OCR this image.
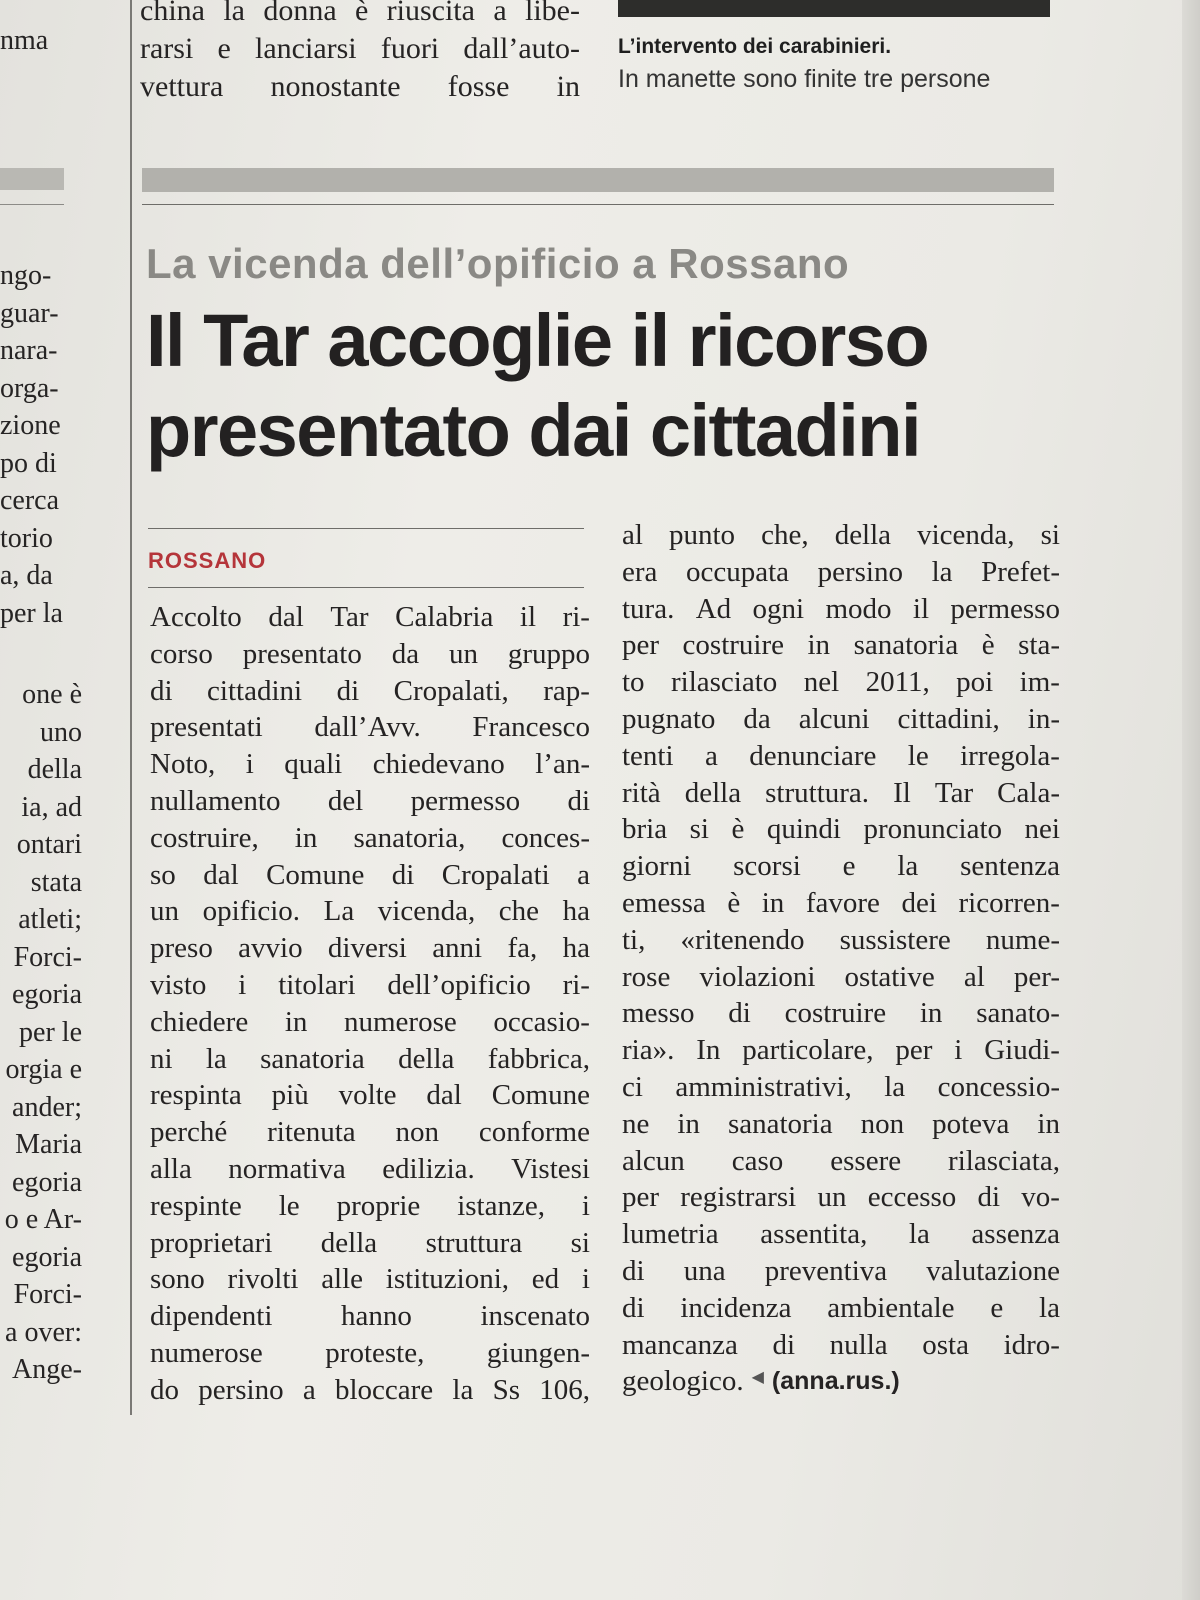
nma
ngo-
guar-
nara-
orga-
zione
po di
cerca
torio
a, da
per la
one è
uno
della
ia, ad
ontari
stata
atleti;
Forci-
egoria
per le
orgia e
ander;
Maria
egoria
o e Ar-
egoria
Forci-
a over:
Ange-
china la donna è riuscita a libe-
rarsi e lanciarsi fuori dall’auto-
vettura nonostante fosse in
L’intervento dei carabinieri.
In manette sono finite tre persone
La vicenda dell’opificio a Rossano
Il Tar accoglie il ricorso
presentato dai cittadini
ROSSANO
Accolto dal Tar Calabria il ri-
corso presentato da un gruppo
di cittadini di Cropalati, rap-
presentati dall’Avv. Francesco
Noto, i quali chiedevano l’an-
nullamento del permesso di
costruire, in sanatoria, conces-
so dal Comune di Cropalati a
un opificio. La vicenda, che ha
preso avvio diversi anni fa, ha
visto i titolari dell’opificio ri-
chiedere in numerose occasio-
ni la sanatoria della fabbrica,
respinta più volte dal Comune
perché ritenuta non conforme
alla normativa edilizia. Vistesi
respinte le proprie istanze, i
proprietari della struttura si
sono rivolti alle istituzioni, ed i
dipendenti hanno inscenato
numerose proteste, giungen-
do persino a bloccare la Ss 106,
al punto che, della vicenda, si
era occupata persino la Prefet-
tura. Ad ogni modo il permesso
per costruire in sanatoria è sta-
to rilasciato nel 2011, poi im-
pugnato da alcuni cittadini, in-
tenti a denunciare le irregola-
rità della struttura. Il Tar Cala-
bria si è quindi pronunciato nei
giorni scorsi e la sentenza
emessa è in favore dei ricorren-
ti, «ritenendo sussistere nume-
rose violazioni ostative al per-
messo di costruire in sanato-
ria». In particolare, per i Giudi-
ci amministrativi, la concessio-
ne in sanatoria non poteva in
alcun caso essere rilasciata,
per registrarsi un eccesso di vo-
lumetria assentita, la assenza
di una preventiva valutazione
di incidenza ambientale e la
mancanza di nulla osta idro-
geologico. ◀ (anna.rus.)
